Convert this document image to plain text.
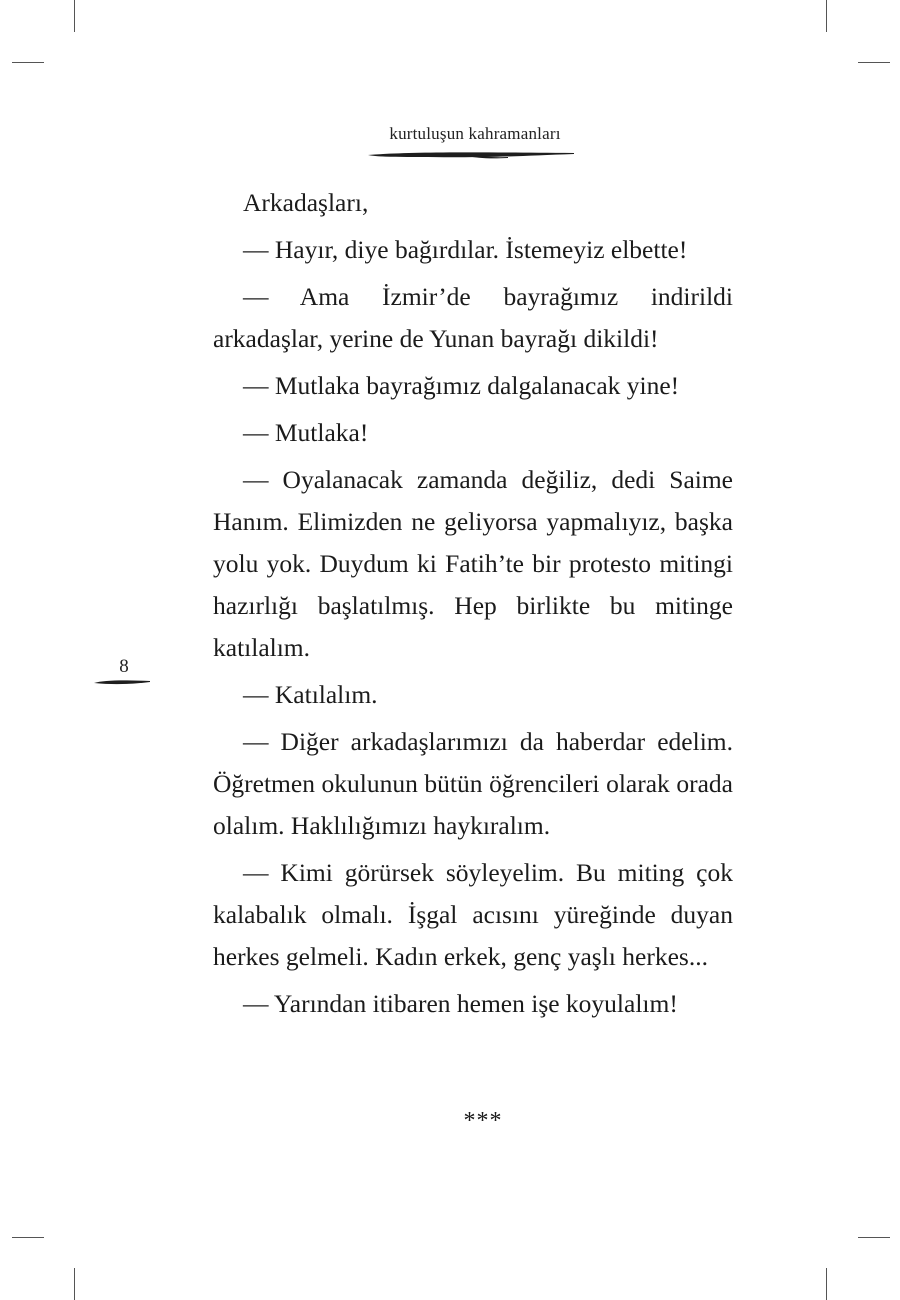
kurtuluşun kahramanları
8

Arkadaşları,

— Hayır, diye bağırdılar. İstemeyiz elbette!

— Ama İzmir’de bayrağımız indirildi arkadaşlar, yerine de Yunan bayrağı dikildi!

— Mutlaka bayrağımız dalgalanacak yine!

— Mutlaka!

— Oyalanacak zamanda değiliz, dedi Saime Hanım. Elimizden ne geliyorsa yapmalıyız, başka yolu yok. Duydum ki Fatih’te bir protesto mitingi hazırlığı başlatılmış. Hep birlikte bu mitinge katılalım.

— Katılalım.

— Diğer arkadaşlarımızı da haberdar edelim. Öğretmen okulunun bütün öğrencileri olarak orada olalım. Haklılığımızı haykıralım.

— Kimi görürsek söyleyelim. Bu miting çok kalabalık olmalı. İşgal acısını yüreğinde duyan herkes gelmeli. Kadın erkek, genç yaşlı herkes...

— Yarından itibaren hemen işe koyulalım!

***
